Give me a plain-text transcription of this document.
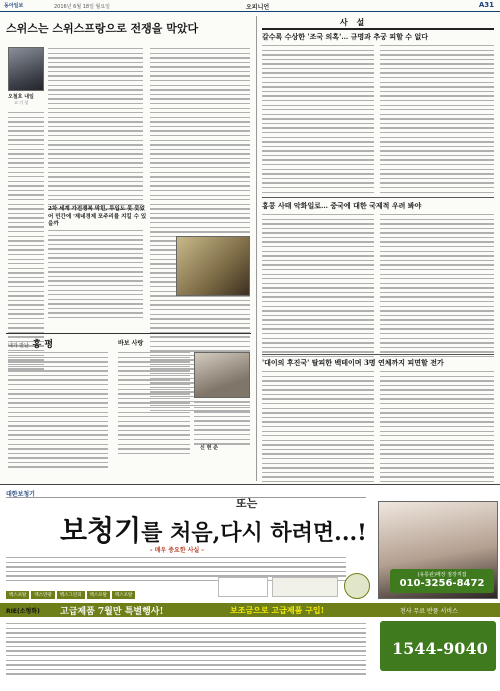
동아일보	2016년 6월 18일 월요일	오피니언	A31
스위스는 스위스프랑으로 전쟁을 막았다
오철호 내일
고 기 성
2차 세계 가전쟁복 막힌, 투입도 못 뭇었어 민간에 '제네경제 포주리를 지킬 수 있을까
내가 만난 홍 평	바보 사랑
신 현 준
사 설
갈수록 수상한 '조국 의혹'… 규명과 추궁 피할 수 없다
홍콩 사태 악화일로… 중국에 대한 국제적 우려 봐야
'대이의 후진국' 탈피한 백테이며 3명 연체까지 피면할 전가
대한보청기
또는
보청기를 처음,다시 하려면...!
- 매우 중요한 사실 -
맥스포탈 맥스만광 맥스그린피 맥스포탈 맥스포탈
(유통판)매장 점장직접
010-3256-8472
RIE(소형화) 고급제품 7월만 특별행사!	보조금으로 고급제품 구입!	천사 무료 반품 서비스
1544-9040
